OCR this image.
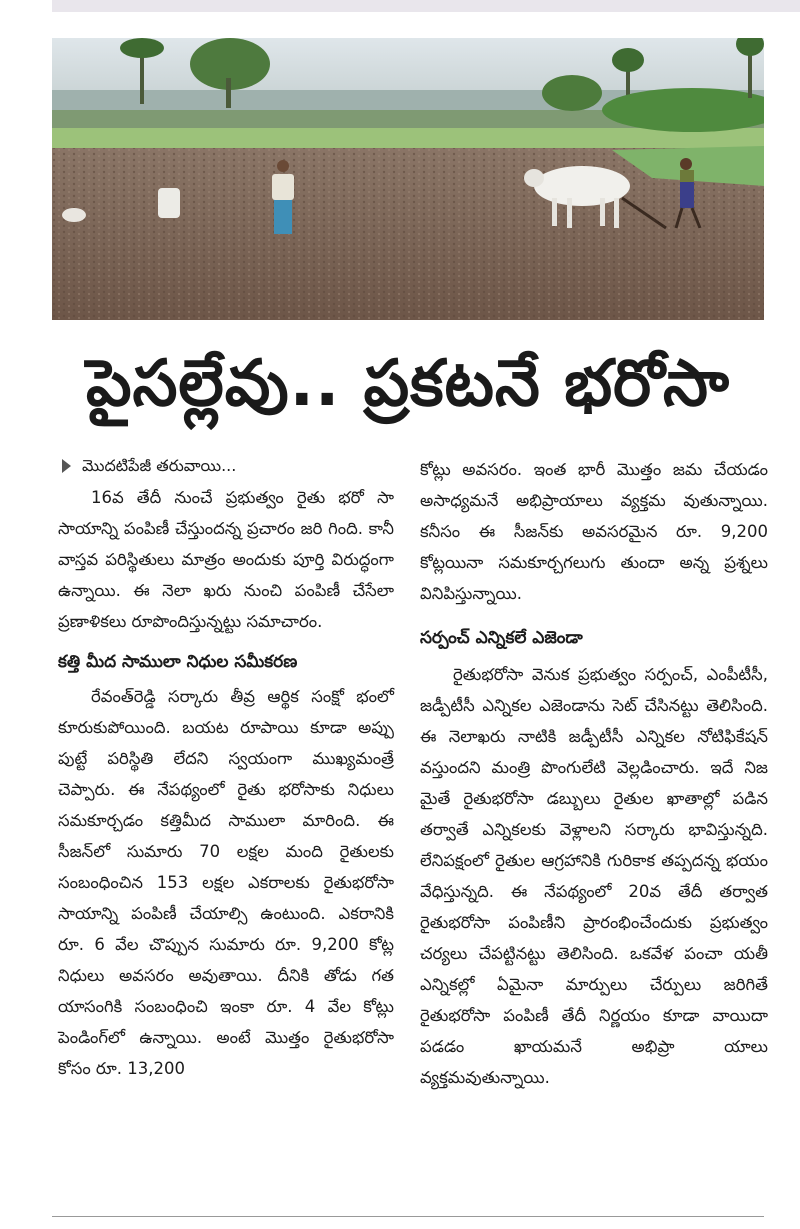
పైసల్లేవు.. ప్రకటనే భరోసా
మొదటిపేజీ తరువాయి...

16వ తేదీ నుంచే ప్రభుత్వం రైతు భరో సా సాయాన్ని పంపిణీ చేస్తుందన్న ప్రచారం జరి గింది. కానీ వాస్తవ పరిస్థితులు మాత్రం అందుకు పూర్తి విరుద్ధంగా ఉన్నాయి. ఈ నెలా ఖరు నుంచి పంపిణీ చేసేలా ప్రణాళికలు రూపొందిస్తున్నట్టు సమాచారం.

కత్తి మీద సాములా నిధుల సమీకరణ

రేవంత్‌రెడ్డి సర్కారు తీవ్ర ఆర్థిక సంక్షో భంలో కూరుకుపోయింది. బయట రూపాయి కూడా అప్పు పుట్టే పరిస్థితి లేదని స్వయంగా ముఖ్యమంత్రే చెప్పారు. ఈ నేపథ్యంలో రైతు భరోసాకు నిధులు సమకూర్చడం కత్తిమీద సాములా మారింది. ఈ సీజన్‌లో సుమారు 70 లక్షల మంది రైతులకు సంబంధించిన 153 లక్షల ఎకరాలకు రైతుభరోసా సాయాన్ని పంపిణీ చేయాల్సి ఉంటుంది. ఎకరానికి రూ. 6 వేల చొప్పున సుమారు రూ. 9,200 కోట్ల నిధులు అవసరం అవుతాయి. దీనికి తోడు గత యాసంగికి సంబంధించి ఇంకా రూ. 4 వేల కోట్లు పెండింగ్‌లో ఉన్నాయి. అంటే మొత్తం రైతుభరోసా కోసం రూ. 13,200

కోట్లు అవసరం. ఇంత భారీ మొత్తం జమ చేయడం అసాధ్యమనే అభిప్రాయాలు వ్యక్తమ వుతున్నాయి. కనీసం ఈ సీజన్‌కు అవసరమైన రూ. 9,200 కోట్లయినా సమకూర్చగలుగు తుందా అన్న ప్రశ్నలు వినిపిస్తున్నాయి.

సర్పంచ్ ఎన్నికలే ఎజెండా

రైతుభరోసా వెనుక ప్రభుత్వం సర్పంచ్, ఎంపీటీసీ, జడ్పీటీసీ ఎన్నికల ఎజెండాను సెట్ చేసినట్టు తెలిసింది. ఈ నెలాఖరు నాటికి జడ్పీటీసీ ఎన్నికల నోటిఫికేషన్ వస్తుందని మంత్రి పొంగులేటి వెల్లడించారు. ఇదే నిజ మైతే రైతుభరోసా డబ్బులు రైతుల ఖాతాల్లో పడిన తర్వాతే ఎన్నికలకు వెళ్లాలని సర్కారు భావిస్తున్నది. లేనిపక్షంలో రైతుల ఆగ్రహానికి గురికాక తప్పదన్న భయం వేధిస్తున్నది. ఈ నేపథ్యంలో 20వ తేదీ తర్వాత రైతుభరోసా పంపిణీని ప్రారంభించేందుకు ప్రభుత్వం చర్యలు చేపట్టినట్టు తెలిసింది. ఒకవేళ పంచా యతీ ఎన్నికల్లో ఏమైనా మార్పులు చేర్పులు జరిగితే రైతుభరోసా పంపిణీ తేదీ నిర్ణయం కూడా వాయిదా పడడం ఖాయమనే అభిప్రా యాలు వ్యక్తమవుతున్నాయి.
